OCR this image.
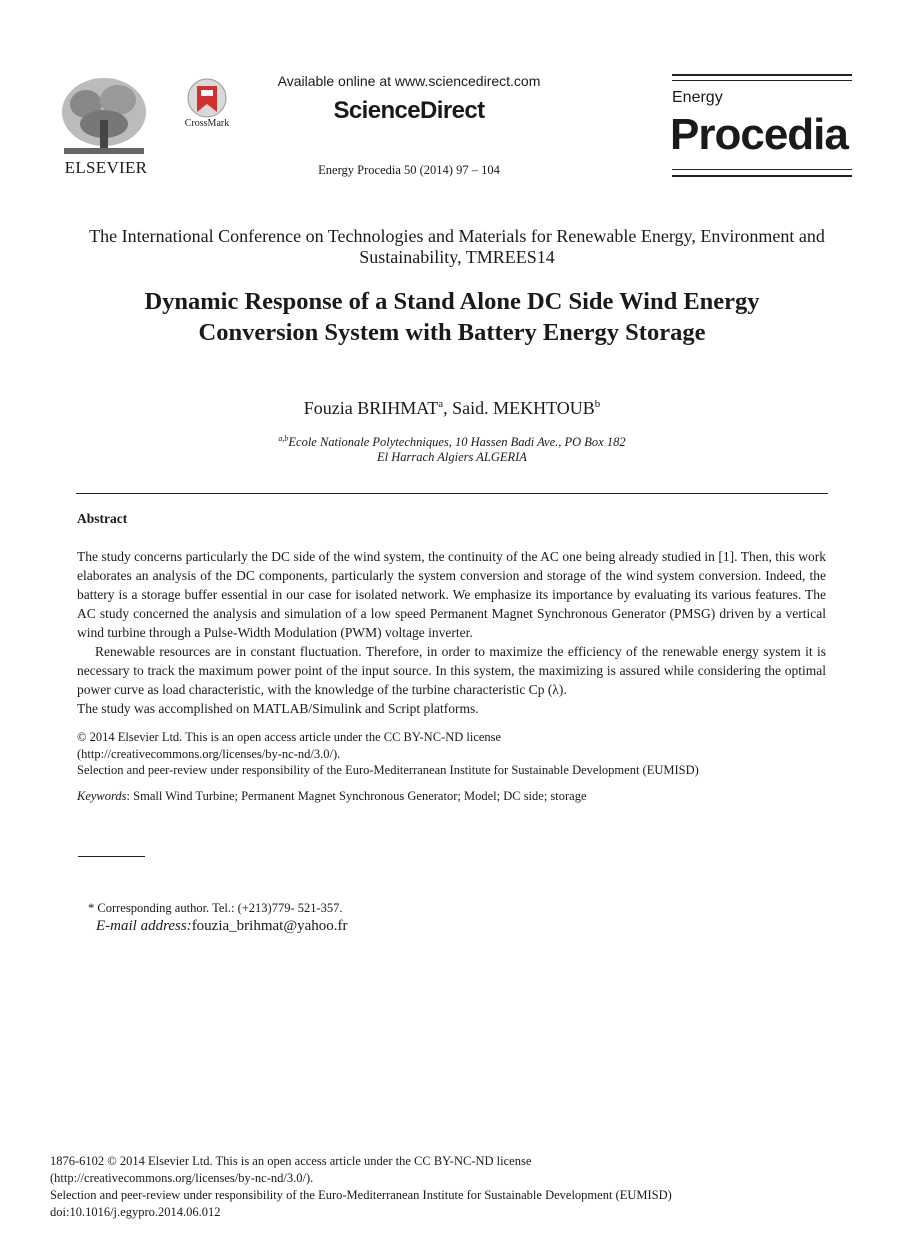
ELSEVIER
CrossMark
Available online at www.sciencedirect.com
ScienceDirect
Energy Procedia 50 (2014) 97 – 104
Energy
Procedia
The International Conference on Technologies and Materials for Renewable Energy, Environment and Sustainability, TMREES14
Dynamic Response of a Stand Alone DC Side Wind Energy
Conversion System with Battery Energy Storage
Fouzia BRIHMAT$^a$, Said. MEKHTOUB$^b$
$^{a,b}$Ecole Nationale Polytechniques, 10 Hassen Badi Ave., PO Box 182
El Harrach Algiers ALGERIA
Abstract

The study concerns particularly the DC side of the wind system, the continuity of the AC one being already studied in [1]. Then, this work elaborates an analysis of the DC components, particularly the system conversion and storage of the wind system conversion. Indeed, the battery is a storage buffer essential in our case for isolated network. We emphasize its importance by evaluating its various features. The AC study concerned the analysis and simulation of a low speed Permanent Magnet Synchronous Generator (PMSG) driven by a vertical wind turbine through a Pulse-Width Modulation (PWM) voltage inverter.

Renewable resources are in constant fluctuation. Therefore, in order to maximize the efficiency of the renewable energy system it is necessary to track the maximum power point of the input source. In this system, the maximizing is assured while considering the optimal power curve as load characteristic, with the knowledge of the turbine characteristic Cp (λ).

The study was accomplished on MATLAB/Simulink and Script platforms.

© 2014 Elsevier Ltd. This is an open access article under the CC BY-NC-ND license
(http://creativecommons.org/licenses/by-nc-nd/3.0/).
Selection and peer-review under responsibility of the Euro-Mediterranean Institute for Sustainable Development (EUMISD)
Keywords: Small Wind Turbine; Permanent Magnet Synchronous Generator; Model; DC side; storage
* Corresponding author. Tel.: (+213)779- 521-357.
E-mail address:fouzia_brihmat@yahoo.fr
1876-6102 © 2014 Elsevier Ltd. This is an open access article under the CC BY-NC-ND license
(http://creativecommons.org/licenses/by-nc-nd/3.0/).
Selection and peer-review under responsibility of the Euro-Mediterranean Institute for Sustainable Development (EUMISD)
doi:10.1016/j.egypro.2014.06.012
